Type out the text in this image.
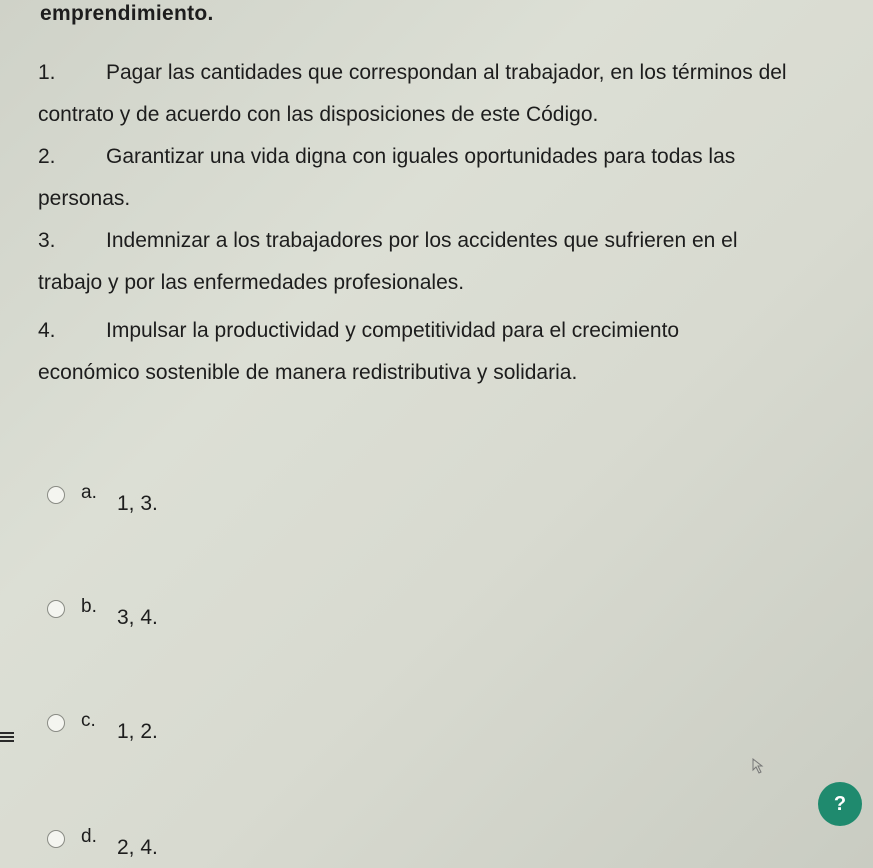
emprendimiento.
1. Pagar las cantidades que correspondan al trabajador, en los términos del
contrato y de acuerdo con las disposiciones de este Código.
2. Garantizar una vida digna con iguales oportunidades para todas las
personas.
3. Indemnizar a los trabajadores por los accidentes que sufrieren en el
trabajo y por las enfermedades profesionales.
4. Impulsar la productividad y competitividad para el crecimiento
económico sostenible de manera redistributiva y solidaria.
a. 1, 3.
b. 3, 4.
c. 1, 2.
d. 2, 4.
?
